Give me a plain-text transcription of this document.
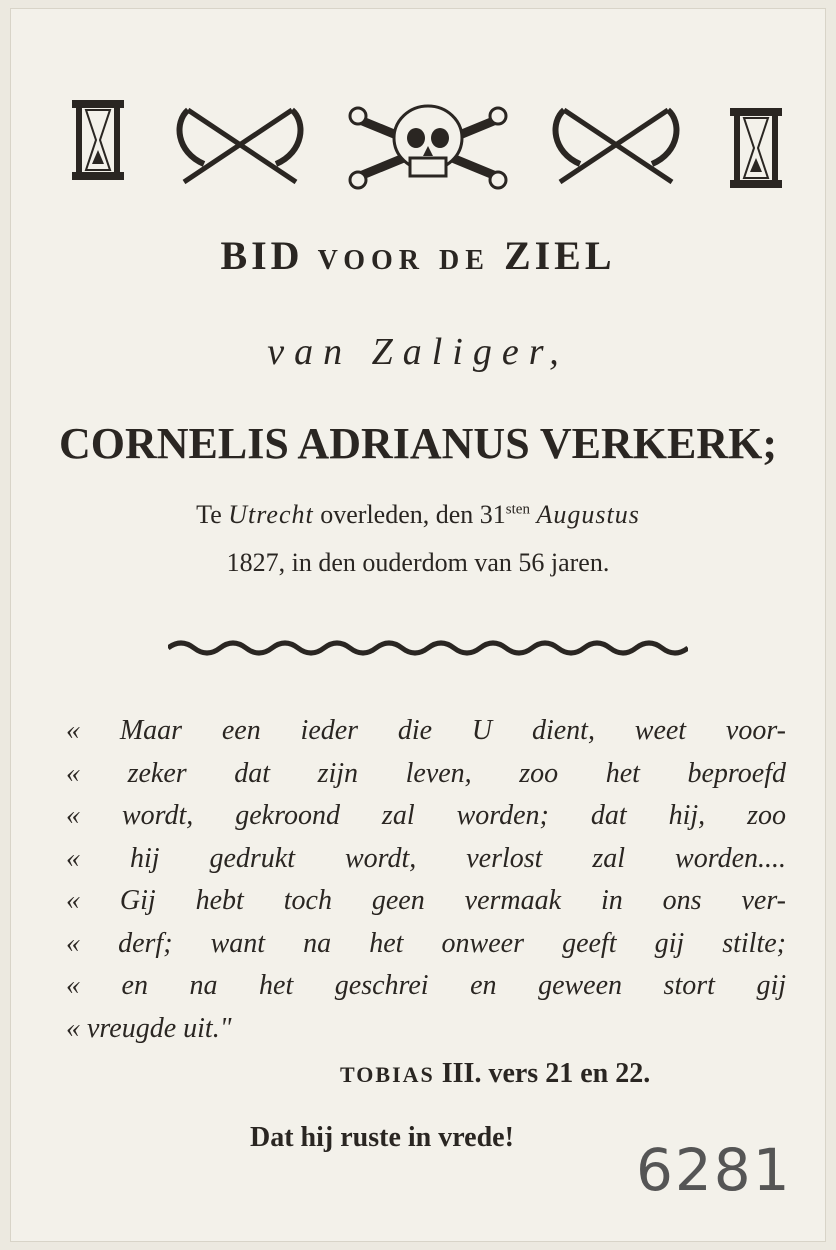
BID VOOR DE ZIEL
van Zaliger,
CORNELIS ADRIANUS VERKERK;
Te Utrecht overleden, den $31^{sten}$ Augustus
1827, in den ouderdom van 56 jaren.
« Maar een ieder die U dient, weet voor-
« zeker dat zijn leven, zoo het beproefd
« wordt, gekroond zal worden; dat hij, zoo
« hij gedrukt wordt, verlost zal worden....
« Gij hebt toch geen vermaak in ons ver-
« derf; want na het onweer geeft gij stilte;
« en na het geschrei en geween stort gij
« vreugde uit."
TOBIAS III. vers 21 en 22.
Dat hij ruste in vrede! 6281
